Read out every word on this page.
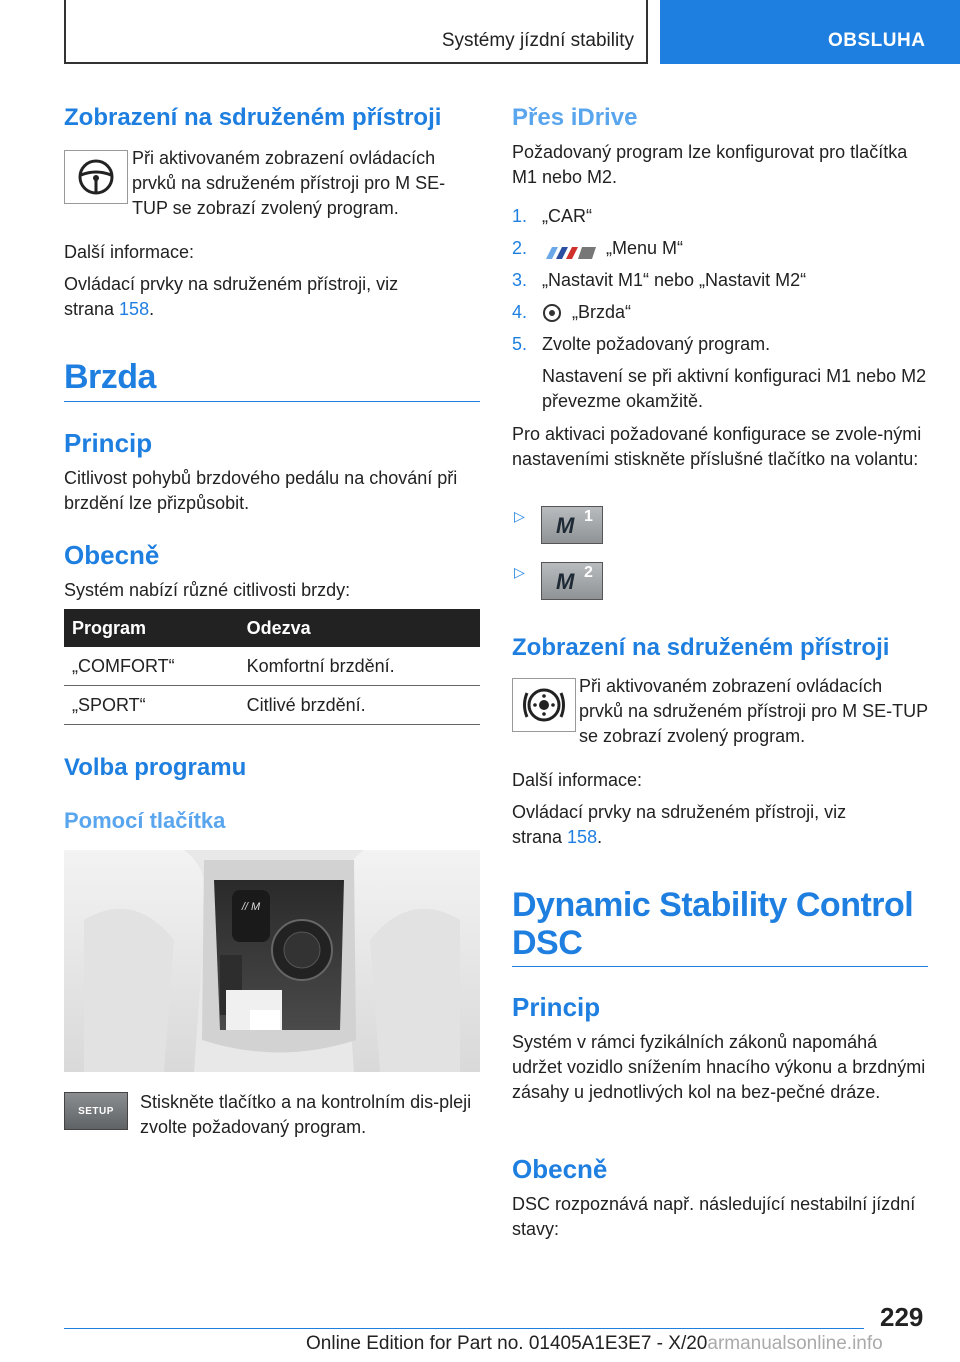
Systémy jízdní stability	OBSLUHA
Zobrazení na sdruženém přístroji

Při aktivovaném zobrazení ovládacích prvků na sdruženém přístroji pro M SE-TUP se zobrazí zvolený program.

Další informace:

Ovládací prvky na sdruženém přístroji, viz strana 158.

Brzda
Princip

Citlivost pohybů brzdového pedálu na chování při brzdění lze přizpůsobit.

Obecně

Systém nabízí různé citlivosti brzdy:

Program	Odezva
„COMFORT“	Komfortní brzdění.
„SPORT“	Citlivé brzdění.
Volba programu
Pomocí tlačítka
// M
SETUP Stiskněte tlačítko a na kontrolním dis-pleji zvolte požadovaný program.

Přes iDrive

Požadovaný program lze konfigurovat pro tlačítka M1 nebo M2.

1. „CAR“
2.	„Menu M“
3. „Nastavit M1“ nebo „Nastavit M2“
4. „Brzda“
5. Zvolte požadovaný program.
Nastavení se při aktivní konfiguraci M1 nebo M2 převezme okamžitě.

Pro aktivaci požadované konfigurace se zvole-nými nastaveními stiskněte příslušné tlačítko na volantu:

▷ M 1
▷ M 2
Zobrazení na sdruženém přístroji

Při aktivovaném zobrazení ovládacích prvků na sdruženém přístroji pro M SE-TUP se zobrazí zvolený program.

Další informace:

Ovládací prvky na sdruženém přístroji, viz strana 158.

Dynamic Stability Control DSC
Princip

Systém v rámci fyzikálních zákonů napomáhá udržet vozidlo snížením hnacího výkonu a brzdnými zásahy u jednotlivých kol na bez-pečné dráze.

Obecně

DSC rozpoznává např. následující nestabilní jízdní stavy:

229
Online Edition for Part no. 01405A1E3E7 - X/20armanualsonline.info
